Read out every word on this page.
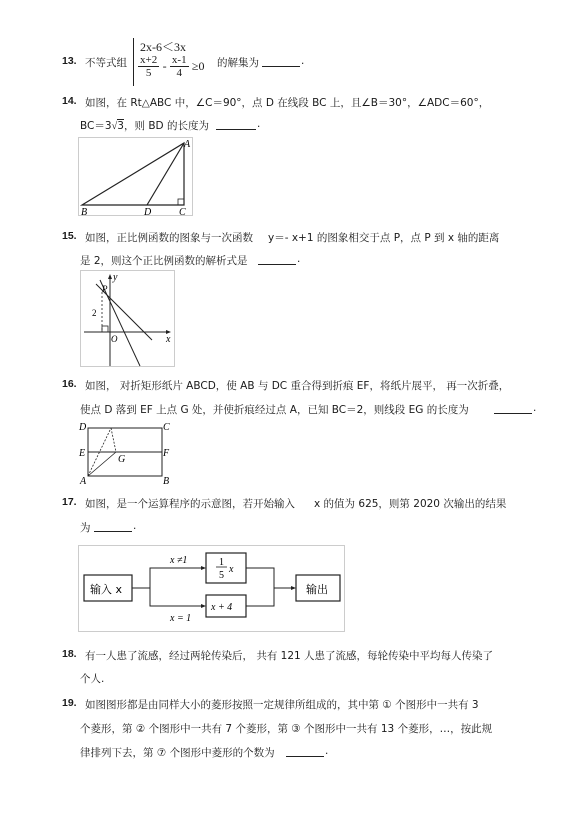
13. 不等式组
2x-6＜3x
$\frac{x+2}{5} - \frac{x-1}{4} \ge 0$ 的解集为	.
14. 如图，在 Rt△ABC 中，∠C＝90°，点 D 在线段 BC 上，且∠B＝30°，∠ADC＝60°，
BC＝3√3，则 BD 的长度为	.
A
B	D	C
15. 如图，正比例函数的图象与一次函数 y＝- x+1 的图象相交于点 P，点 P 到 x 轴的距离
是 2，则这个正比例函数的解析式是	.
y
P
2
O	x
16. 如图， 对折矩形纸片 ABCD，使 AB 与 DC 重合得到折痕 EF，将纸片展平， 再一次折叠，
使点 D 落到 EF 上点 G 处，并使折痕经过点 A，已知 BC＝2，则线段 EG 的长度为	.
D	C
E	F
G
A	B
17. 如图，是一个运算程序的示意图，若开始输入 x 的值为 625，则第 2020 次输出的结果
为	.
输入 x
1
5
x
x + 4
输出
x ≠1
x = 1
18. 有一人患了流感，经过两轮传染后， 共有 121 人患了流感，每轮传染中平均每人传染了
个人.
19. 如图图形都是由同样大小的菱形按照一定规律所组成的，其中第 ① 个图形中一共有 3
个菱形，第 ② 个图形中一共有 7 个菱形，第 ③ 个图形中一共有 13 个菱形，…，按此规
律排列下去，第 ⑦ 个图形中菱形的个数为	.
